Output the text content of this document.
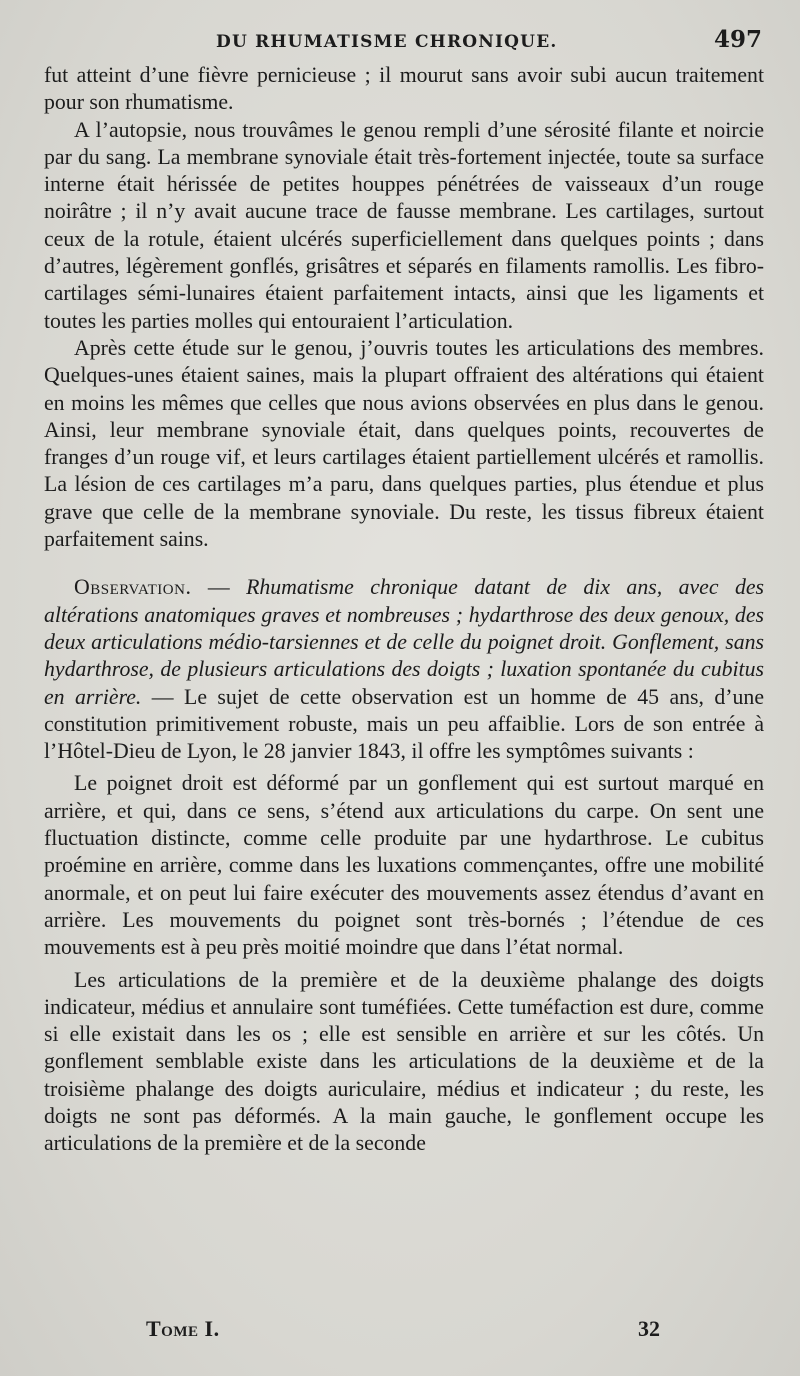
DU RHUMATISME CHRONIQUE.	497

fut atteint d’une fièvre pernicieuse ; il mourut sans avoir subi aucun traitement pour son rhumatisme.

A l’autopsie, nous trouvâmes le genou rempli d’une sérosité filante et noircie par du sang. La membrane synoviale était très-fortement injectée, toute sa surface interne était hérissée de petites houppes pénétrées de vaisseaux d’un rouge noirâtre ; il n’y avait aucune trace de fausse membrane. Les cartilages, surtout ceux de la rotule, étaient ulcérés superficiellement dans quelques points ; dans d’autres, légèrement gonflés, grisâtres et séparés en filaments ramollis. Les fibro-cartilages sémi-lunaires étaient parfaitement intacts, ainsi que les ligaments et toutes les parties molles qui entouraient l’articulation.

Après cette étude sur le genou, j’ouvris toutes les articulations des membres. Quelques-unes étaient saines, mais la plupart offraient des altérations qui étaient en moins les mêmes que celles que nous avions observées en plus dans le genou. Ainsi, leur membrane synoviale était, dans quelques points, recouvertes de franges d’un rouge vif, et leurs cartilages étaient partiellement ulcérés et ramollis. La lésion de ces cartilages m’a paru, dans quelques parties, plus étendue et plus grave que celle de la membrane synoviale. Du reste, les tissus fibreux étaient parfaitement sains.

Observation. — Rhumatisme chronique datant de dix ans, avec des altérations anatomiques graves et nombreuses ; hydarthrose des deux genoux, des deux articulations médio-tarsiennes et de celle du poignet droit. Gonflement, sans hydarthrose, de plusieurs articulations des doigts ; luxation spontanée du cubitus en arrière. — Le sujet de cette observation est un homme de 45 ans, d’une constitution primitivement robuste, mais un peu affaiblie. Lors de son entrée à l’Hôtel-Dieu de Lyon, le 28 janvier 1843, il offre les symptômes suivants :

Le poignet droit est déformé par un gonflement qui est surtout marqué en arrière, et qui, dans ce sens, s’étend aux articulations du carpe. On sent une fluctuation distincte, comme celle produite par une hydarthrose. Le cubitus proémine en arrière, comme dans les luxations commençantes, offre une mobilité anormale, et on peut lui faire exécuter des mouvements assez étendus d’avant en arrière. Les mouvements du poignet sont très-bornés ; l’étendue de ces mouvements est à peu près moitié moindre que dans l’état normal.

Les articulations de la première et de la deuxième phalange des doigts indicateur, médius et annulaire sont tuméfiées. Cette tuméfaction est dure, comme si elle existait dans les os ; elle est sensible en arrière et sur les côtés. Un gonflement semblable existe dans les articulations de la deuxième et de la troisième phalange des doigts auriculaire, médius et indicateur ; du reste, les doigts ne sont pas déformés. A la main gauche, le gonflement occupe les articulations de la première et de la seconde

Tome I.	32
